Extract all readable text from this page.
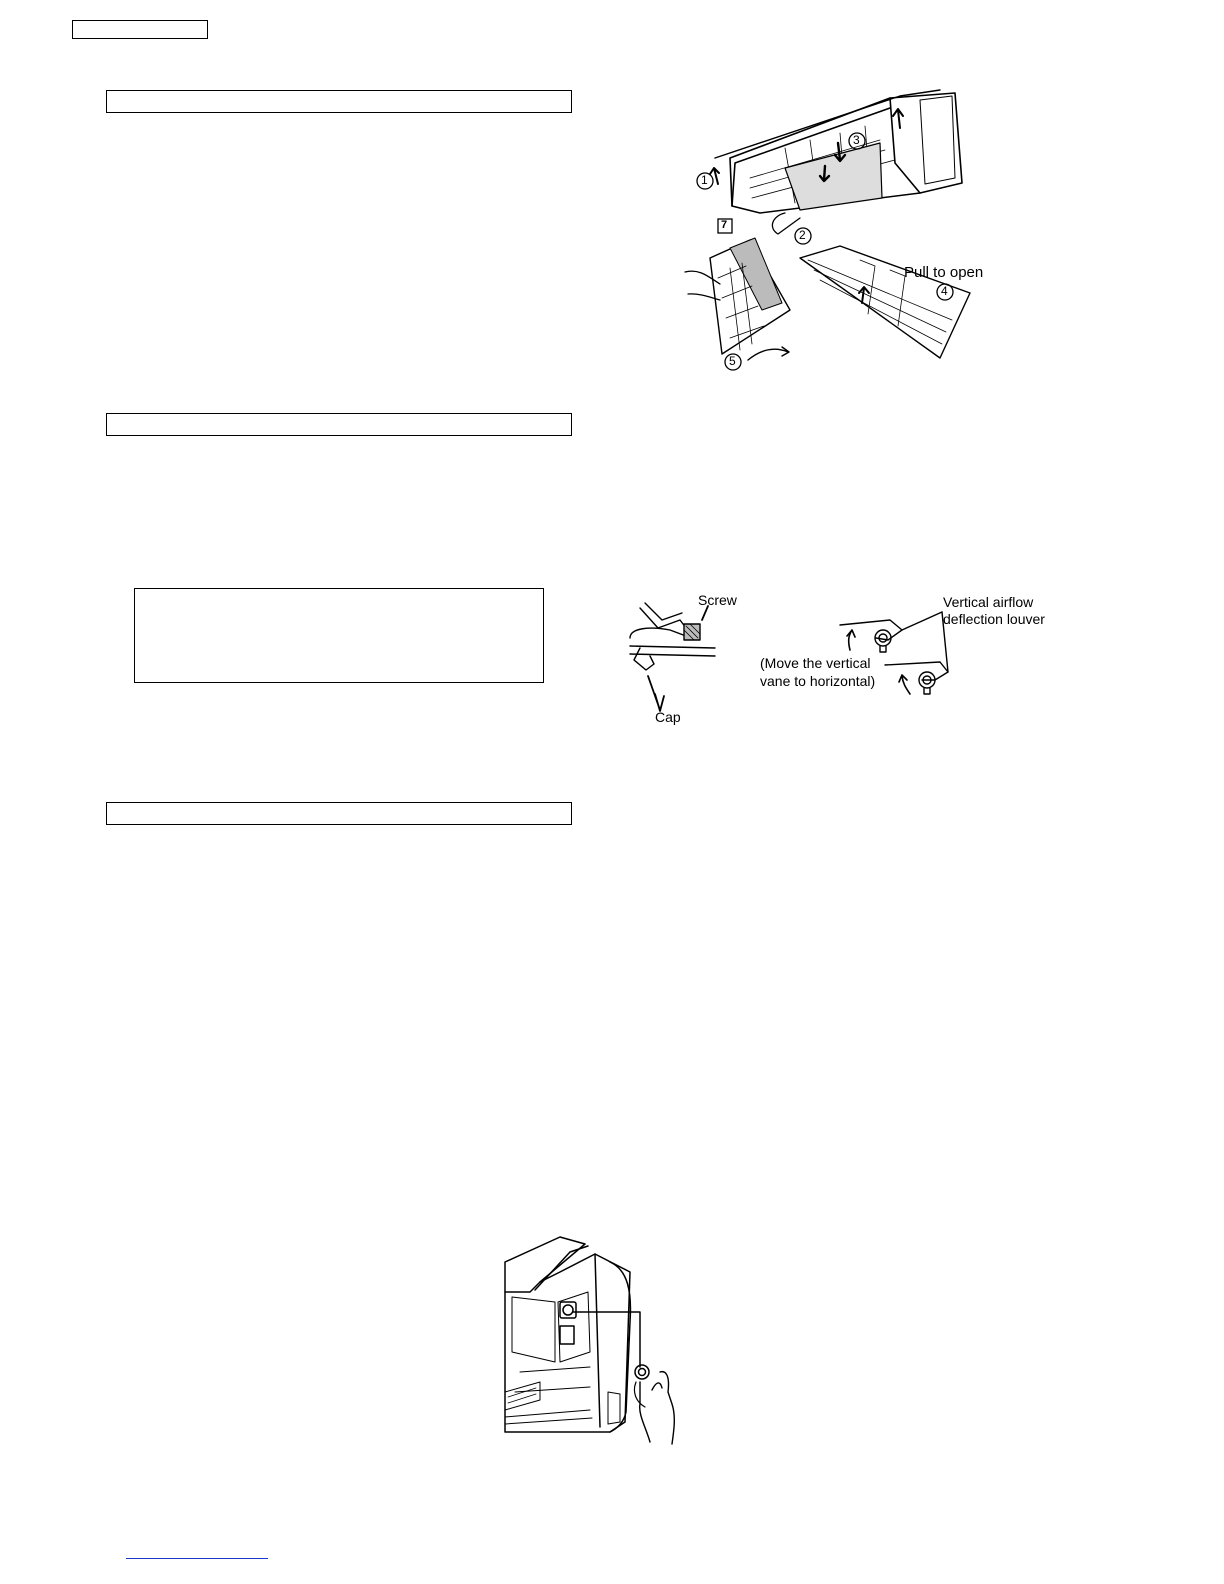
1
3
2
4
5
7
Pull to open
Screw
Cap
Vertical airflow
deflection louver
(Move the vertical
vane to horizontal)
